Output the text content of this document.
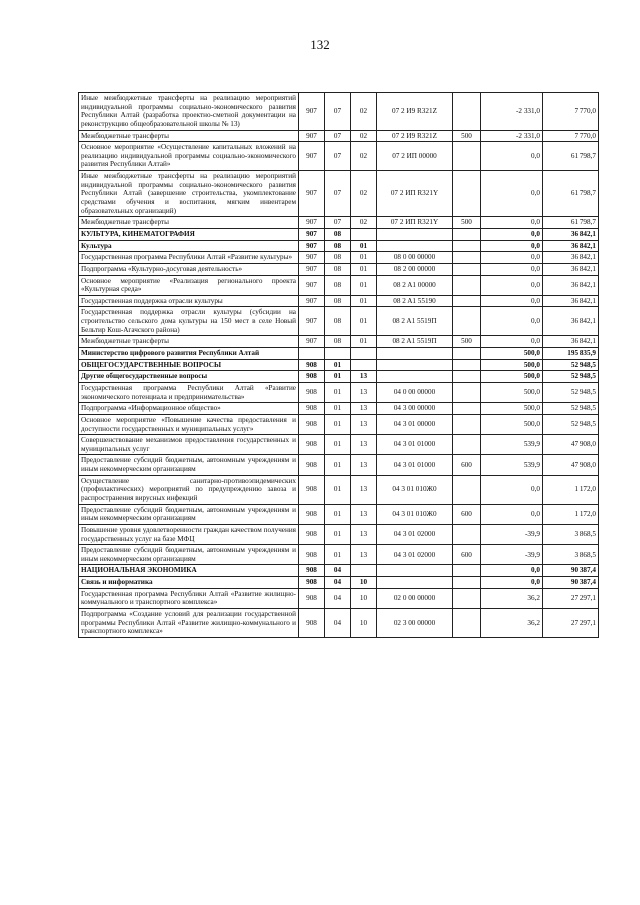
132
Иные межбюджетные трансферты на реализацию мероприятий индивидуальной программы социально-экономического развития Республики Алтай (разработка проектно-сметной документации на реконструкцию общеобразовательной школы № 13)	907	07	02	07 2 И9 R321Z		-2 331,0	7 770,0
Межбюджетные трансферты	907	07	02	07 2 И9 R321Z	500	-2 331,0	7 770,0
Основное мероприятие «Осуществление капитальных вложений на реализацию индивидуальной программы социально-экономического развития Республики Алтай»	907	07	02	07 2 ИП 00000		0,0	61 798,7
Иные межбюджетные трансферты на реализацию мероприятий индивидуальной программы социально-экономического развития Республики Алтай (завершение строительства, укомплектование средствами обучения и воспитания, мягким инвентарем образовательных организаций)	907	07	02	07 2 ИП R321Y		0,0	61 798,7
Межбюджетные трансферты	907	07	02	07 2 ИП R321Y	500	0,0	61 798,7
КУЛЬТУРА, КИНЕМАТОГРАФИЯ	907	08				0,0	36 842,1
Культура	907	08	01			0,0	36 842,1
Государственная программа Республики Алтай «Развитие культуры»	907	08	01	08 0 00 00000		0,0	36 842,1
Подпрограмма «Культурно-досуговая деятельность»	907	08	01	08 2 00 00000		0,0	36 842,1
Основное мероприятие «Реализация регионального проекта «Культурная среда»	907	08	01	08 2 A1 00000		0,0	36 842,1
Государственная поддержка отрасли культуры	907	08	01	08 2 A1 55190		0,0	36 842,1
Государственная поддержка отрасли культуры (субсидии на строительство сельского дома культуры на 150 мест в селе Новый Бельтир Кош-Агачского района)	907	08	01	08 2 A1 5519П		0,0	36 842,1
Межбюджетные трансферты	907	08	01	08 2 A1 5519П	500	0,0	36 842,1
Министерство цифрового развития Республики Алтай						500,0	195 835,9
ОБЩЕГОСУДАРСТВЕННЫЕ ВОПРОСЫ	908	01				500,0	52 948,5
Другие общегосударственные вопросы	908	01	13			500,0	52 948,5
Государственная программа Республики Алтай «Развитие экономического потенциала и предпринимательства»	908	01	13	04 0 00 00000		500,0	52 948,5
Подпрограмма «Информационное общество»	908	01	13	04 3 00 00000		500,0	52 948,5
Основное мероприятие «Повышение качества предоставления и доступности государственных и муниципальных услуг»	908	01	13	04 3 01 00000		500,0	52 948,5
Совершенствование механизмов предоставления государственных и муниципальных услуг	908	01	13	04 3 01 01000		539,9	47 908,0
Предоставление субсидий бюджетным, автономным учреждениям и иным некоммерческим организациям	908	01	13	04 3 01 01000	600	539,9	47 908,0
Осуществление санитарно-противоэпидемических (профилактических) мероприятий по предупреждению завоза и распространения вирусных инфекций	908	01	13	04 3 01 010Ж0		0,0	1 172,0
Предоставление субсидий бюджетным, автономным учреждениям и иным некоммерческим организациям	908	01	13	04 3 01 010Ж0	600	0,0	1 172,0
Повышение уровня удовлетворенности граждан качеством получения государственных услуг на базе МФЦ	908	01	13	04 3 01 02000		-39,9	3 868,5
Предоставление субсидий бюджетным, автономным учреждениям и иным некоммерческим организациям	908	01	13	04 3 01 02000	600	-39,9	3 868,5
НАЦИОНАЛЬНАЯ ЭКОНОМИКА	908	04				0,0	90 387,4
Связь и информатика	908	04	10			0,0	90 387,4
Государственная программа Республики Алтай «Развитие жилищно-коммунального и транспортного комплекса»	908	04	10	02 0 00 00000		36,2	27 297,1
Подпрограмма «Создание условий для реализации государственной программы Республики Алтай «Развитие жилищно-коммунального и транспортного комплекса»	908	04	10	02 3 00 00000		36,2	27 297,1
